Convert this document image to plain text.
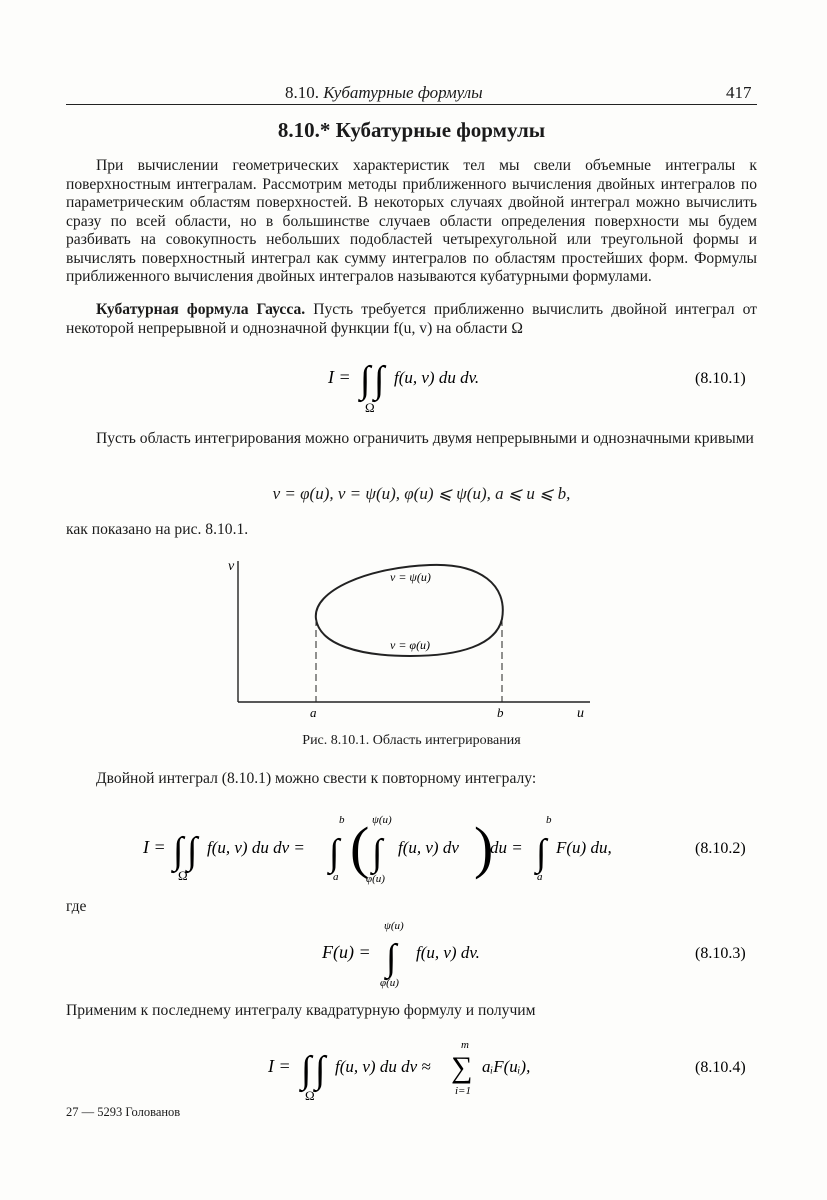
8.10. Кубатурные формулы	417
8.10.* Кубатурные формулы

При вычислении геометрических характеристик тел мы свели объемные интегралы к поверхностным интегралам. Рассмотрим методы приближенного вычисления двойных интегралов по параметрическим областям поверхностей. В некоторых случаях двойной интеграл можно вычислить сразу по всей области, но в большинстве случаев области определения поверхности мы будем разбивать на совокупность небольших подобластей четырехугольной или треугольной формы и вычислять поверхностный интеграл как сумму интегралов по областям простейших форм. Формулы приближенного вычисления двойных интегралов называются кубатурными формулами.

Кубатурная формула Гаусса. Пусть требуется приближенно вычислить двойной интеграл от некоторой непрерывной и однозначной функции f(u, v) на области Ω

I = ∫ ∫
Ω
f(u, v) du dv.	(8.10.1)

Пусть область интегрирования можно ограничить двумя непрерывными и однозначными кривыми

v = φ(u), v = ψ(u), φ(u) ⩽ ψ(u), a ⩽ u ⩽ b,

как показано на рис. 8.10.1.

v
u
a	b
v = ψ(u)
v = φ(u)
Рис. 8.10.1. Область интегрирования

Двойной интеграл (8.10.1) можно свести к повторному интегралу:

I = ∫ ∫
Ω
f(u, v) du dv =
b
∫
a ( ψ(u)
∫
φ(u)
f(u, v) dv )
du =
b
∫
a
F(u) du,	(8.10.2)

где

F(u) =
ψ(u)
∫
φ(u)
f(u, v) dv.	(8.10.3)

Применим к последнему интегралу квадратурную формулу и получим

I = ∫ ∫
Ω
f(u, v) du dv ≈
m
∑
i=1
aᵢF(uᵢ),	(8.10.4)
27 — 5293 Голованов
